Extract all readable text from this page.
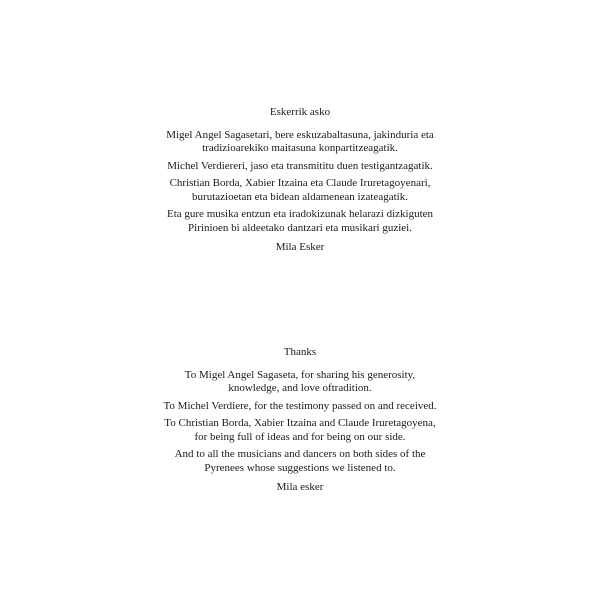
Eskerrik asko

Migel Angel Sagasetari, bere eskuzabaltasuna, jakinduria eta
tradizioarekiko maitasuna konpartitzeagatik.

Michel Verdiereri, jaso eta transmititu duen testigantzagatik.

Christian Borda, Xabier Itzaina eta Claude Iruretagoyenari,
burutazioetan eta bidean aldamenean izateagatik.

Eta gure musika entzun eta iradokizunak helarazi dizkiguten
Pirinioen bi aldeetako dantzari eta musikari guziei.

Mila Esker
Thanks

To Migel Angel Sagaseta, for sharing his generosity,
knowledge, and love oftradition.

To Michel Verdiere, for the testimony passed on and received.

To Christian Borda, Xabier Itzaina and Claude Iruretagoyena,
for being full of ideas and for being on our side.

And to all the musicians and dancers on both sides of the
Pyrenees whose suggestions we listened to.

Mila esker
